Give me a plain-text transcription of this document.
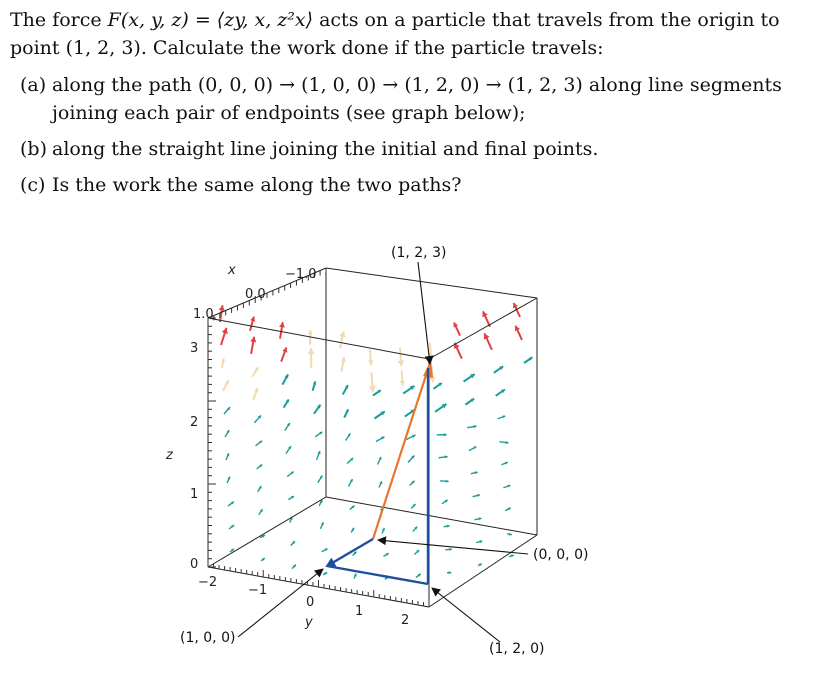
The force F(x, y, z) = ⟨zy, x, z²x⟩ acts on a particle that travels from the origin to point (1, 2, 3). Calculate the work done if the particle travels:

(a) along the path (0, 0, 0) → (1, 0, 0) → (1, 2, 0) → (1, 2, 3) along line segments joining each pair of endpoints (see graph below);
(b) along the straight line joining the initial and final points.
(c) Is the work the same along the two paths?
x
1.0
0.0
−1.0
3
2
1
0
z
−2
−1
0
1
2
y
(1, 2, 3)
(0, 0, 0)
(1, 0, 0)
(1, 2, 0)
